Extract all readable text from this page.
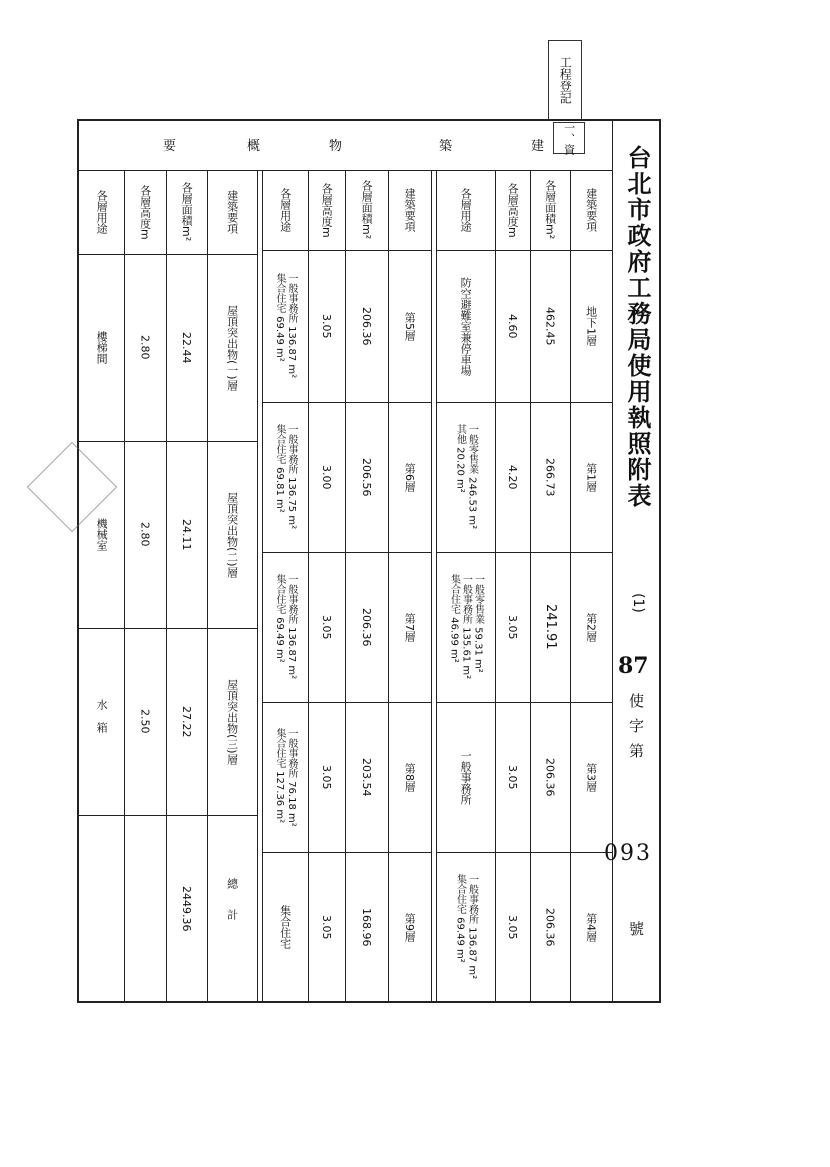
工程登記
一、資
台北市政府工務局使用執照附表
(1)
87
使字第
093
號
建
築
物
概
要
建築要項
各層面積m²
各層高度m
各層用途
地下1層
462.45
4.60
防空避難室兼停車場
第1層
266.73
4.20
一般零售業 246.53 m²
其他 20.20 m²
第2層
241.91
3.05
一般零售業 59.31 m²
一般事務所 135.61 m²
集合住宅 46.99 m²
第3層
206.36
3.05
一般事務所
第4層
206.36
3.05
一般事務所 136.87 m²
集合住宅 69.49 m²
建築要項
各層面積m²
各層高度m
各層用途
第5層
206.36
3.05
一般事務所 136.87 m²
集合住宅 69.49 m²
第6層
206.56
3.00
一般事務所 136.75 m²
集合住宅 69.81 m²
第7層
206.36
3.05
一般事務所 136.87 m²
集合住宅 69.49 m²
第8層
203.54
3.05
一般事務所 76.18 m²
集合住宅 127.36 m²
第9層
168.96
3.05
集合住宅
建築要項
各層面積m²
各層高度m
各層用途
屋頂突出物(一)層
22.44
2.80
樓梯間
屋頂突出物(二)層
24.11
2.80
機械室
屋頂突出物(三)層
27.22
2.50
水箱
總計
2449.36
